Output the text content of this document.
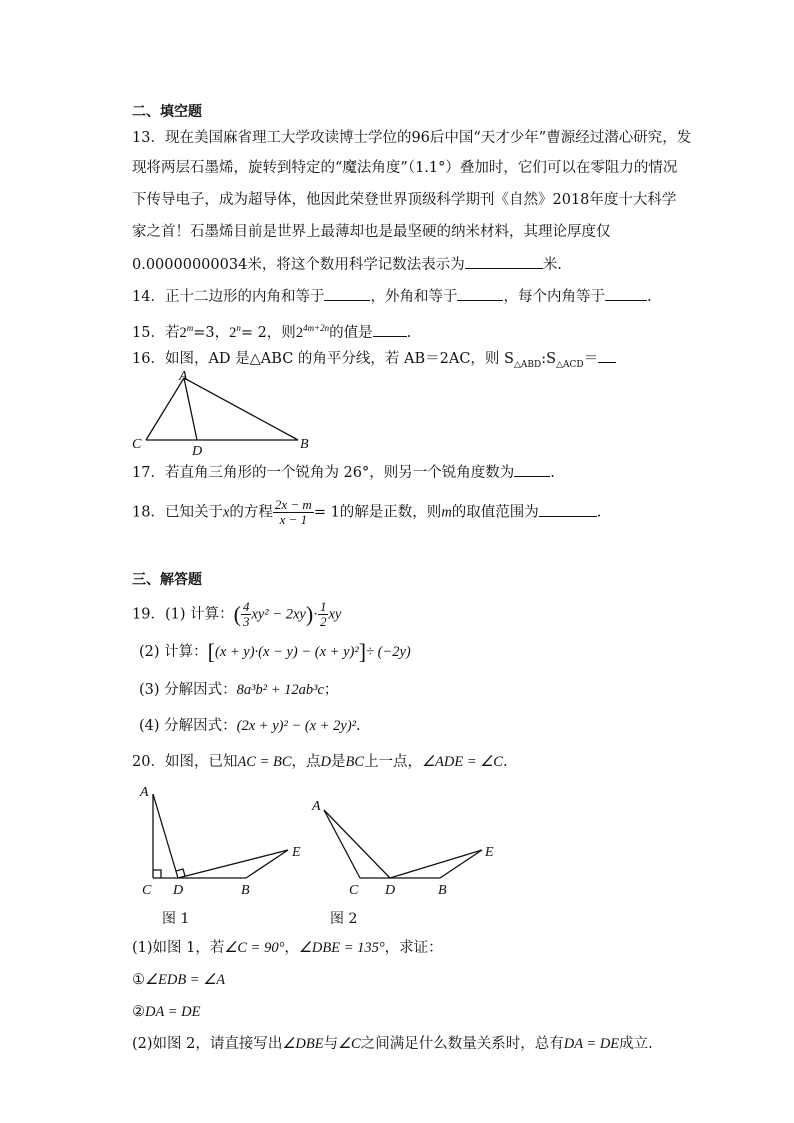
二、填空题
13．现在美国麻省理工大学攻读博士学位的96后中国“天才少年”曹源经过潜心研究，发
现将两层石墨烯，旋转到特定的“魔法角度”（1.1°）叠加时，它们可以在零阻力的情况
下传导电子，成为超导体，他因此荣登世界顶级科学期刊《自然》2018年度十大科学
家之首！石墨烯目前是世界上最薄却也是最坚硬的纳米材料，其理论厚度仅
0.00000000034米，将这个数用科学记数法表示为	米.
14．正十二边形的内角和等于	，外角和等于	，每个内角等于	.
15．若$2^m=3$，$2^n= 2$，则$2^{4m+2n}$的值是 .
16．如图，AD 是△ABC 的角平分线，若 AB＝2AC，则 $S_{\triangle ABD}:S_{\triangle ACD}=$
A
C	D	B
17．若直角三角形的一个锐角为 26°，则另一个锐角度数为 .
18．已知关于x的方程 $\frac{2x - m}{x - 1} = 1$的解是正数，则m的取值范围为	.
三、解答题
19．(1) 计算：( $\frac{4}{3} xy^2 - 2xy)\cdot \frac{1}{2}$ xy
(2) 计算：[(x + y)·(x − y) − (x + y)²]÷ (−2y)
(3) 分解因式：8a³b² + 12ab³c；
(4) 分解因式：(2x + y)² − (x + 2y)².
20．如图，已知AC = BC，点D是BC上一点，∠ADE = ∠C.
A
C D	B
E
图 1
A
C D	B
E
图 2
(1)如图 1，若∠C = 90°，∠DBE = 135°，求证：
①∠EDB = ∠A
②DA = DE
(2)如图 2，请直接写出∠DBE与∠C之间满足什么数量关系时，总有DA = DE成立.
